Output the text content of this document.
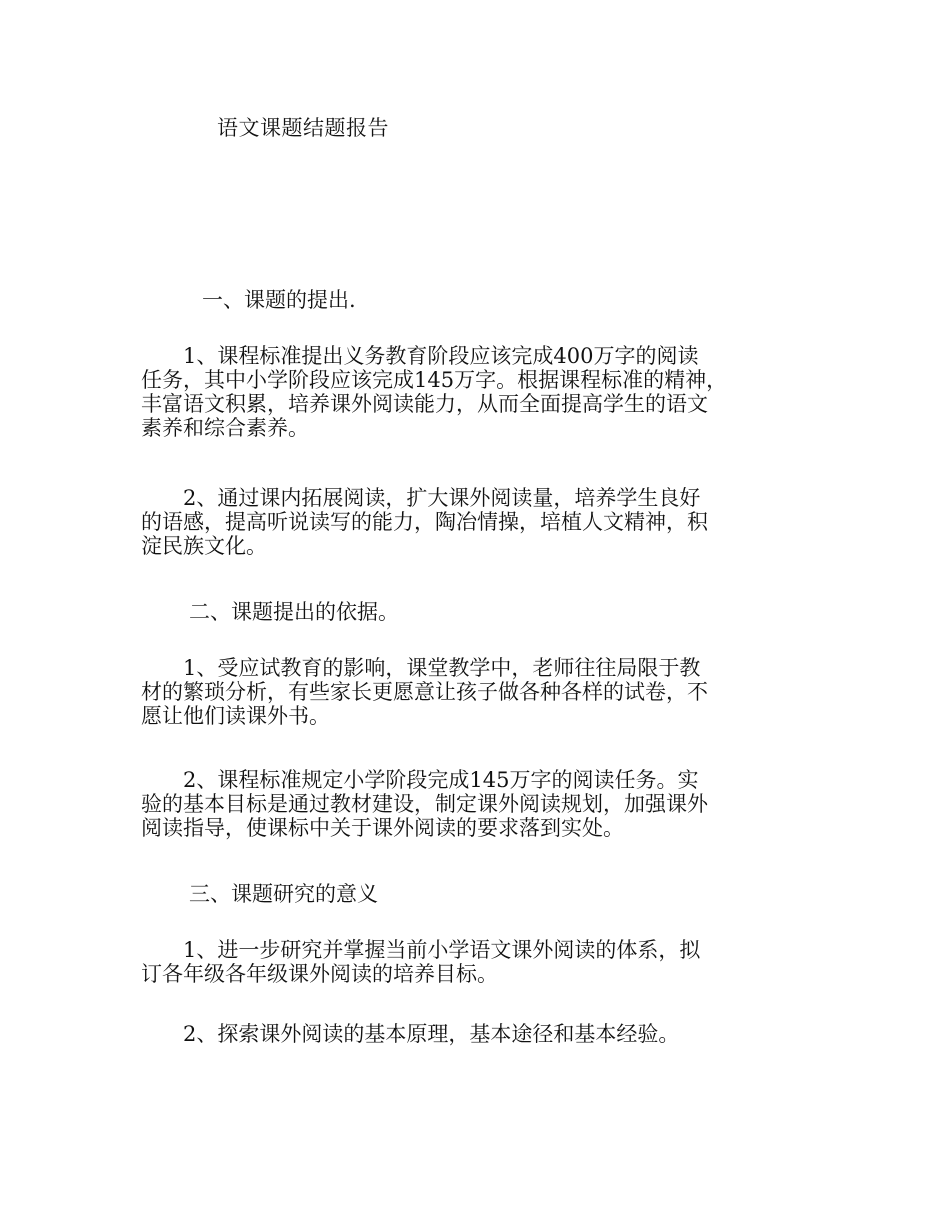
语文课题结题报告
一、课题的提出.
　　1、课程标准提出义务教育阶段应该完成400万字的阅读
任务，其中小学阶段应该完成145万字。根据课程标准的精神，
丰富语文积累，培养课外阅读能力，从而全面提高学生的语文
素养和综合素养。
　　2、通过课内拓展阅读，扩大课外阅读量，培养学生良好
的语感，提高听说读写的能力，陶冶情操，培植人文精神，积
淀民族文化。
二、课题提出的依据。
　　1、受应试教育的影响，课堂教学中，老师往往局限于教
材的繁琐分析，有些家长更愿意让孩子做各种各样的试卷，不
愿让他们读课外书。
　　2、课程标准规定小学阶段完成145万字的阅读任务。实
验的基本目标是通过教材建设，制定课外阅读规划，加强课外
阅读指导，使课标中关于课外阅读的要求落到实处。
三、课题研究的意义
　　1、进一步研究并掌握当前小学语文课外阅读的体系，拟
订各年级各年级课外阅读的培养目标。
　　2、探索课外阅读的基本原理，基本途径和基本经验。
